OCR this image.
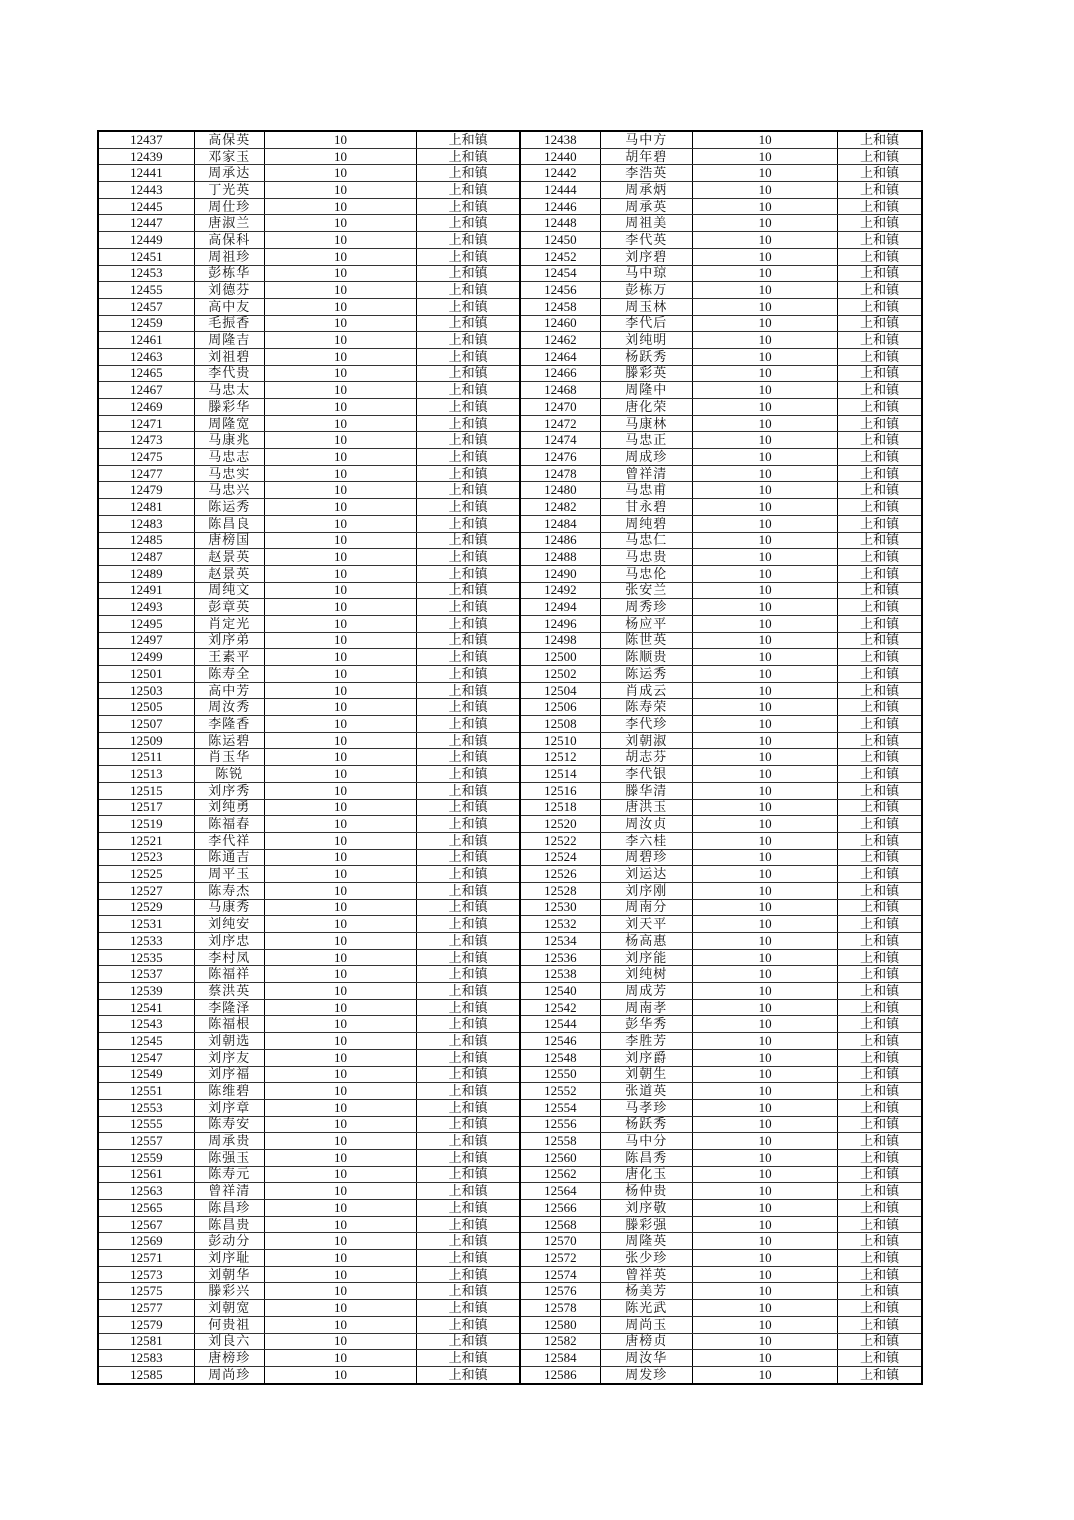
12437	高保英	10	上和镇	12438	马中方	10	上和镇
12439	邓家玉	10	上和镇	12440	胡年碧	10	上和镇
12441	周承达	10	上和镇	12442	李浩英	10	上和镇
12443	丁光英	10	上和镇	12444	周承炳	10	上和镇
12445	周仕珍	10	上和镇	12446	周承英	10	上和镇
12447	唐淑兰	10	上和镇	12448	周祖美	10	上和镇
12449	高保科	10	上和镇	12450	李代英	10	上和镇
12451	周祖珍	10	上和镇	12452	刘序碧	10	上和镇
12453	彭栋华	10	上和镇	12454	马中琼	10	上和镇
12455	刘德芬	10	上和镇	12456	彭栋万	10	上和镇
12457	高中友	10	上和镇	12458	周玉林	10	上和镇
12459	毛振香	10	上和镇	12460	李代后	10	上和镇
12461	周隆吉	10	上和镇	12462	刘纯明	10	上和镇
12463	刘祖碧	10	上和镇	12464	杨跃秀	10	上和镇
12465	李代贵	10	上和镇	12466	滕彩英	10	上和镇
12467	马忠太	10	上和镇	12468	周隆中	10	上和镇
12469	滕彩华	10	上和镇	12470	唐化荣	10	上和镇
12471	周隆宽	10	上和镇	12472	马康林	10	上和镇
12473	马康兆	10	上和镇	12474	马忠正	10	上和镇
12475	马忠志	10	上和镇	12476	周成珍	10	上和镇
12477	马忠实	10	上和镇	12478	曾祥清	10	上和镇
12479	马忠兴	10	上和镇	12480	马忠甫	10	上和镇
12481	陈运秀	10	上和镇	12482	甘永碧	10	上和镇
12483	陈昌良	10	上和镇	12484	周纯碧	10	上和镇
12485	唐榜国	10	上和镇	12486	马忠仁	10	上和镇
12487	赵景英	10	上和镇	12488	马忠贵	10	上和镇
12489	赵景英	10	上和镇	12490	马忠伦	10	上和镇
12491	周纯文	10	上和镇	12492	张安兰	10	上和镇
12493	彭章英	10	上和镇	12494	周秀珍	10	上和镇
12495	肖定光	10	上和镇	12496	杨应平	10	上和镇
12497	刘序弟	10	上和镇	12498	陈世英	10	上和镇
12499	王素平	10	上和镇	12500	陈顺贵	10	上和镇
12501	陈寿全	10	上和镇	12502	陈运秀	10	上和镇
12503	高中芳	10	上和镇	12504	肖成云	10	上和镇
12505	周汝秀	10	上和镇	12506	陈寿荣	10	上和镇
12507	李隆香	10	上和镇	12508	李代珍	10	上和镇
12509	陈运碧	10	上和镇	12510	刘朝淑	10	上和镇
12511	肖玉华	10	上和镇	12512	胡志芬	10	上和镇
12513	陈锐	10	上和镇	12514	李代银	10	上和镇
12515	刘序秀	10	上和镇	12516	滕华清	10	上和镇
12517	刘纯勇	10	上和镇	12518	唐洪玉	10	上和镇
12519	陈福春	10	上和镇	12520	周汝贞	10	上和镇
12521	李代祥	10	上和镇	12522	李六桂	10	上和镇
12523	陈通吉	10	上和镇	12524	周碧珍	10	上和镇
12525	周平玉	10	上和镇	12526	刘运达	10	上和镇
12527	陈寿杰	10	上和镇	12528	刘序刚	10	上和镇
12529	马康秀	10	上和镇	12530	周南分	10	上和镇
12531	刘纯安	10	上和镇	12532	刘天平	10	上和镇
12533	刘序忠	10	上和镇	12534	杨高惠	10	上和镇
12535	李村凤	10	上和镇	12536	刘序能	10	上和镇
12537	陈福祥	10	上和镇	12538	刘纯树	10	上和镇
12539	蔡洪英	10	上和镇	12540	周成芳	10	上和镇
12541	李隆泽	10	上和镇	12542	周南孝	10	上和镇
12543	陈福根	10	上和镇	12544	彭华秀	10	上和镇
12545	刘朝选	10	上和镇	12546	李胜芳	10	上和镇
12547	刘序友	10	上和镇	12548	刘序爵	10	上和镇
12549	刘序福	10	上和镇	12550	刘朝生	10	上和镇
12551	陈维碧	10	上和镇	12552	张道英	10	上和镇
12553	刘序章	10	上和镇	12554	马孝珍	10	上和镇
12555	陈寿安	10	上和镇	12556	杨跃秀	10	上和镇
12557	周承贵	10	上和镇	12558	马中分	10	上和镇
12559	陈强玉	10	上和镇	12560	陈昌秀	10	上和镇
12561	陈寿元	10	上和镇	12562	唐化玉	10	上和镇
12563	曾祥清	10	上和镇	12564	杨仲贵	10	上和镇
12565	陈昌珍	10	上和镇	12566	刘序敬	10	上和镇
12567	陈昌贵	10	上和镇	12568	滕彩强	10	上和镇
12569	彭动分	10	上和镇	12570	周隆英	10	上和镇
12571	刘序耻	10	上和镇	12572	张少珍	10	上和镇
12573	刘朝华	10	上和镇	12574	曾祥英	10	上和镇
12575	滕彩兴	10	上和镇	12576	杨美芳	10	上和镇
12577	刘朝宽	10	上和镇	12578	陈光武	10	上和镇
12579	何贵祖	10	上和镇	12580	周尚玉	10	上和镇
12581	刘良六	10	上和镇	12582	唐榜贞	10	上和镇
12583	唐榜珍	10	上和镇	12584	周汝华	10	上和镇
12585	周尚珍	10	上和镇	12586	周发珍	10	上和镇
